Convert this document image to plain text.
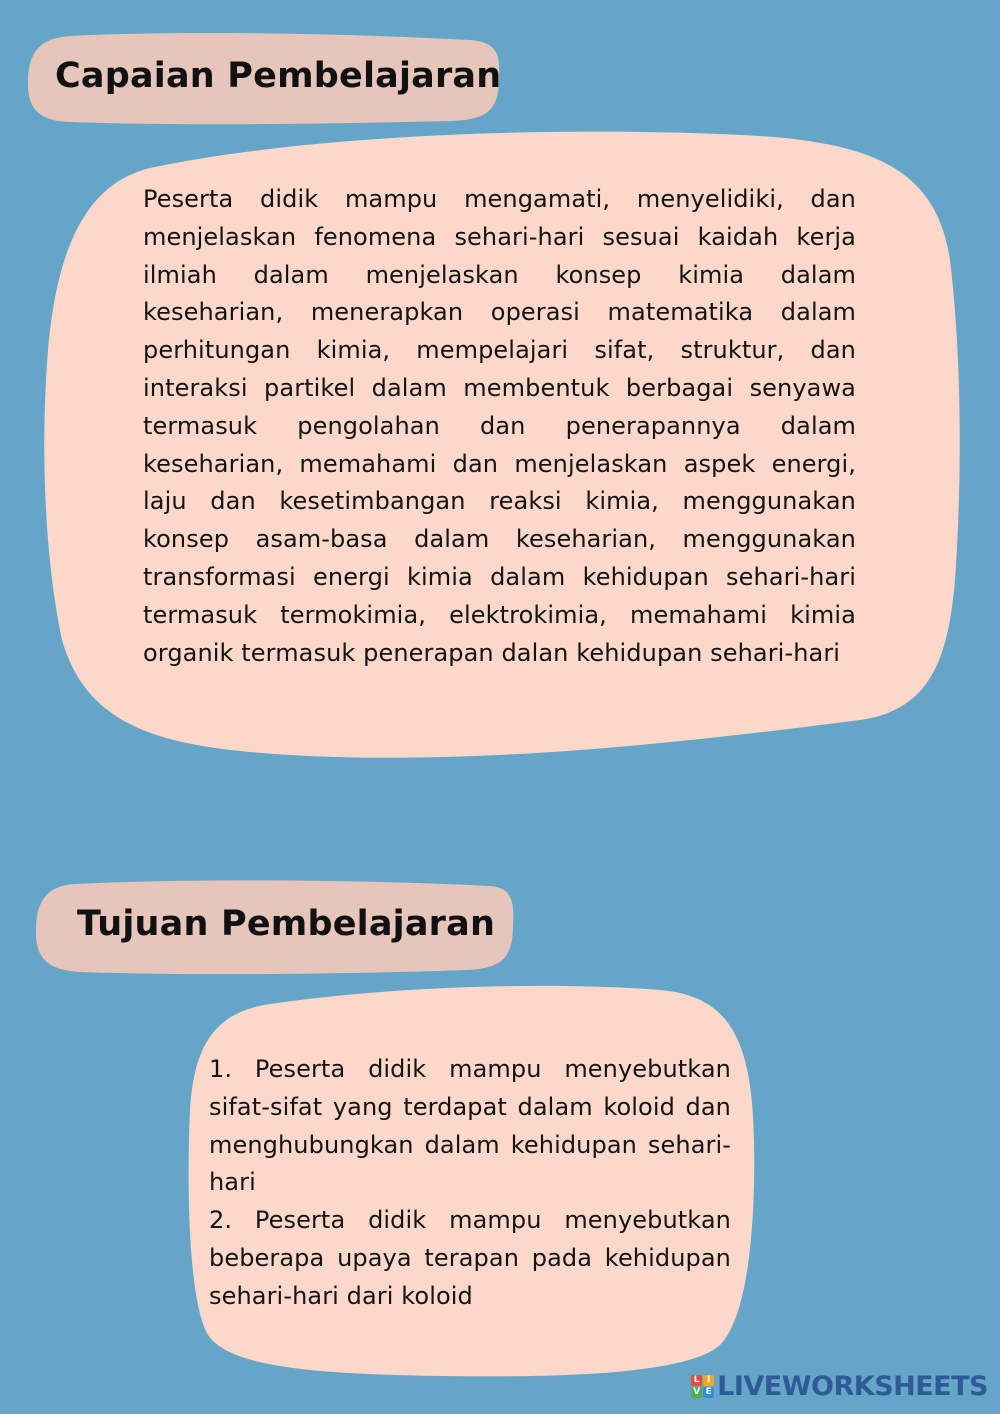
Capaian Pembelajaran

Peserta didik mampu mengamati, menyelidiki, dan menjelaskan fenomena sehari-hari sesuai kaidah kerja ilmiah dalam menjelaskan konsep kimia dalam keseharian, menerapkan operasi matematika dalam perhitungan kimia, mempelajari sifat, struktur, dan interaksi partikel dalam membentuk berbagai senyawa termasuk pengolahan dan penerapannya dalam keseharian, memahami dan menjelaskan aspek energi, laju dan kesetimbangan reaksi kimia, menggunakan konsep asam-basa dalam keseharian, menggunakan transformasi energi kimia dalam kehidupan sehari-hari termasuk termokimia, elektrokimia, memahami kimia organik termasuk penerapan dalan kehidupan sehari-hari

Tujuan Pembelajaran
1. Peserta didik mampu menyebutkan sifat-sifat yang terdapat dalam koloid dan menghubungkan dalam kehidupan sehari-hari
2. Peserta didik mampu menyebutkan beberapa upaya terapan pada kehidupan sehari-hari dari koloid
L I
V E LIVEWORKSHEETS
